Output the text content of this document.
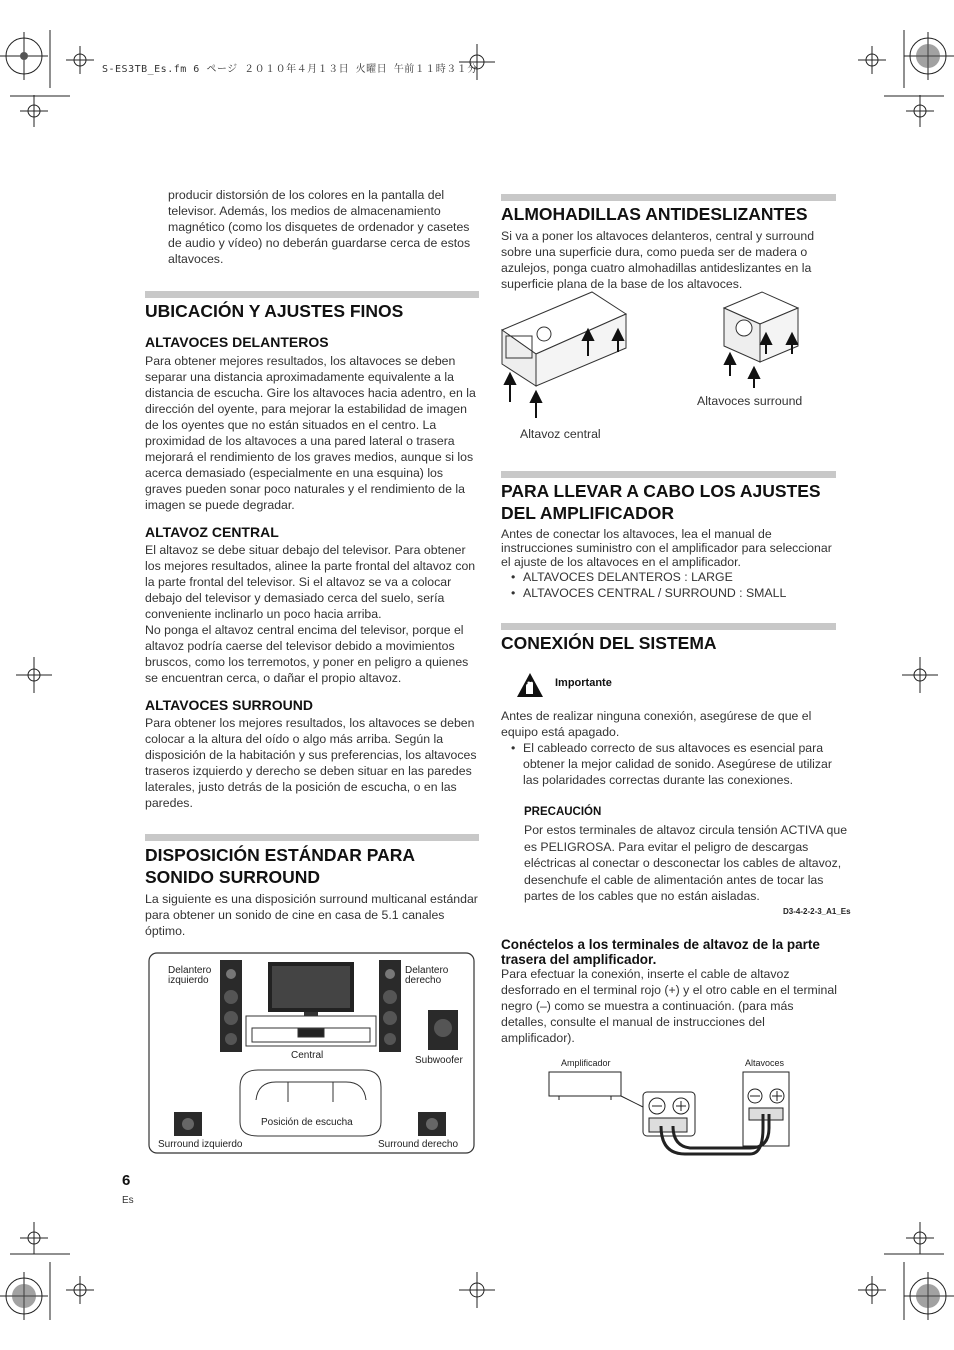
S-ES3TB_Es.fm 6 ページ ２０１０年４月１３日 火曜日 午前１１時３１分
producir distorsión de los colores en la pantalla del televisor. Además, los medios de almacenamiento magnético (como los disquetes de ordenador y casetes de audio y vídeo) no deberán guardarse cerca de estos altavoces.
UBICACIÓN Y AJUSTES FINOS
ALTAVOCES DELANTEROS
Para obtener mejores resultados, los altavoces se deben separar una distancia aproximadamente equivalente a la distancia de escucha. Gire los altavoces hacia adentro, en la dirección del oyente, para mejorar la estabilidad de imagen de los oyentes que no están situados en el centro. La proximidad de los altavoces a una pared lateral o trasera mejorará el rendimiento de los graves medios, aunque si los acerca demasiado (especialmente en una esquina) los graves pueden sonar poco naturales y el rendimiento de la imagen se puede degradar.
ALTAVOZ CENTRAL

El altavoz se debe situar debajo del televisor. Para obtener los mejores resultados, alinee la parte frontal del altavoz con la parte frontal del televisor. Si el altavoz se va a colocar debajo del televisor y demasiado cerca del suelo, sería conveniente inclinarlo un poco hacia arriba.

No ponga el altavoz central encima del televisor, porque el altavoz podría caerse del televisor debido a movimientos bruscos, como los terremotos, y poner en peligro a quienes se encuentran cerca, o dañar el propio altavoz.

ALTAVOCES SURROUND
Para obtener los mejores resultados, los altavoces se deben colocar a la altura del oído o algo más arriba. Según la disposición de la habitación y sus preferencias, los altavoces traseros izquierdo y derecho se deben situar en las paredes laterales, justo detrás de la posición de escucha, o en las paredes.
DISPOSICIÓN ESTÁNDAR PARA SONIDO SURROUND
La siguiente es una disposición surround multicanal estándar para obtener un sonido de cine en casa de 5.1 canales óptimo.
Delantero izquierdo
Delantero derecho
Central	Subwoofer
Posición de escucha
Surround izquierdo	Surround derecho
6
Es
ALMOHADILLAS ANTIDESLIZANTES
Si va a poner los altavoces delanteros, central y surround sobre una superficie dura, como pueda ser de madera o azulejos, ponga cuatro almohadillas antideslizantes en la superficie plana de la base de los altavoces.
Altavoz central
Altavoces surround
PARA LLEVAR A CABO LOS AJUSTES DEL AMPLIFICADOR

Antes de conectar los altavoces, lea el manual de instrucciones suministro con el amplificador para seleccionar el ajuste de los altavoces en el amplificador.

• ALTAVOCES DELANTEROS : LARGE

• ALTAVOCES CENTRAL / SURROUND : SMALL

CONEXIÓN DEL SISTEMA
Importante

Antes de realizar ninguna conexión, asegúrese de que el equipo está apagado.

• El cableado correcto de sus altavoces es esencial para obtener la mejor calidad de sonido. Asegúrese de utilizar las polaridades correctas durante las conexiones.

PRECAUCIÓN
Por estos terminales de altavoz circula tensión ACTIVA que es PELIGROSA. Para evitar el peligro de descargas eléctricas al conectar o desconectar los cables de altavoz, desenchufe el cable de alimentación antes de tocar las partes de los cables que no están aisladas.
D3-4-2-2-3_A1_Es
Conéctelos a los terminales de altavoz de la parte trasera del amplificador.
Para efectuar la conexión, inserte el cable de altavoz desforrado en el terminal rojo (+) y el otro cable en el terminal negro (–) como se muestra a continuación. (para más detalles, consulte el manual de instrucciones del amplificador).
Amplificador	Altavoces
